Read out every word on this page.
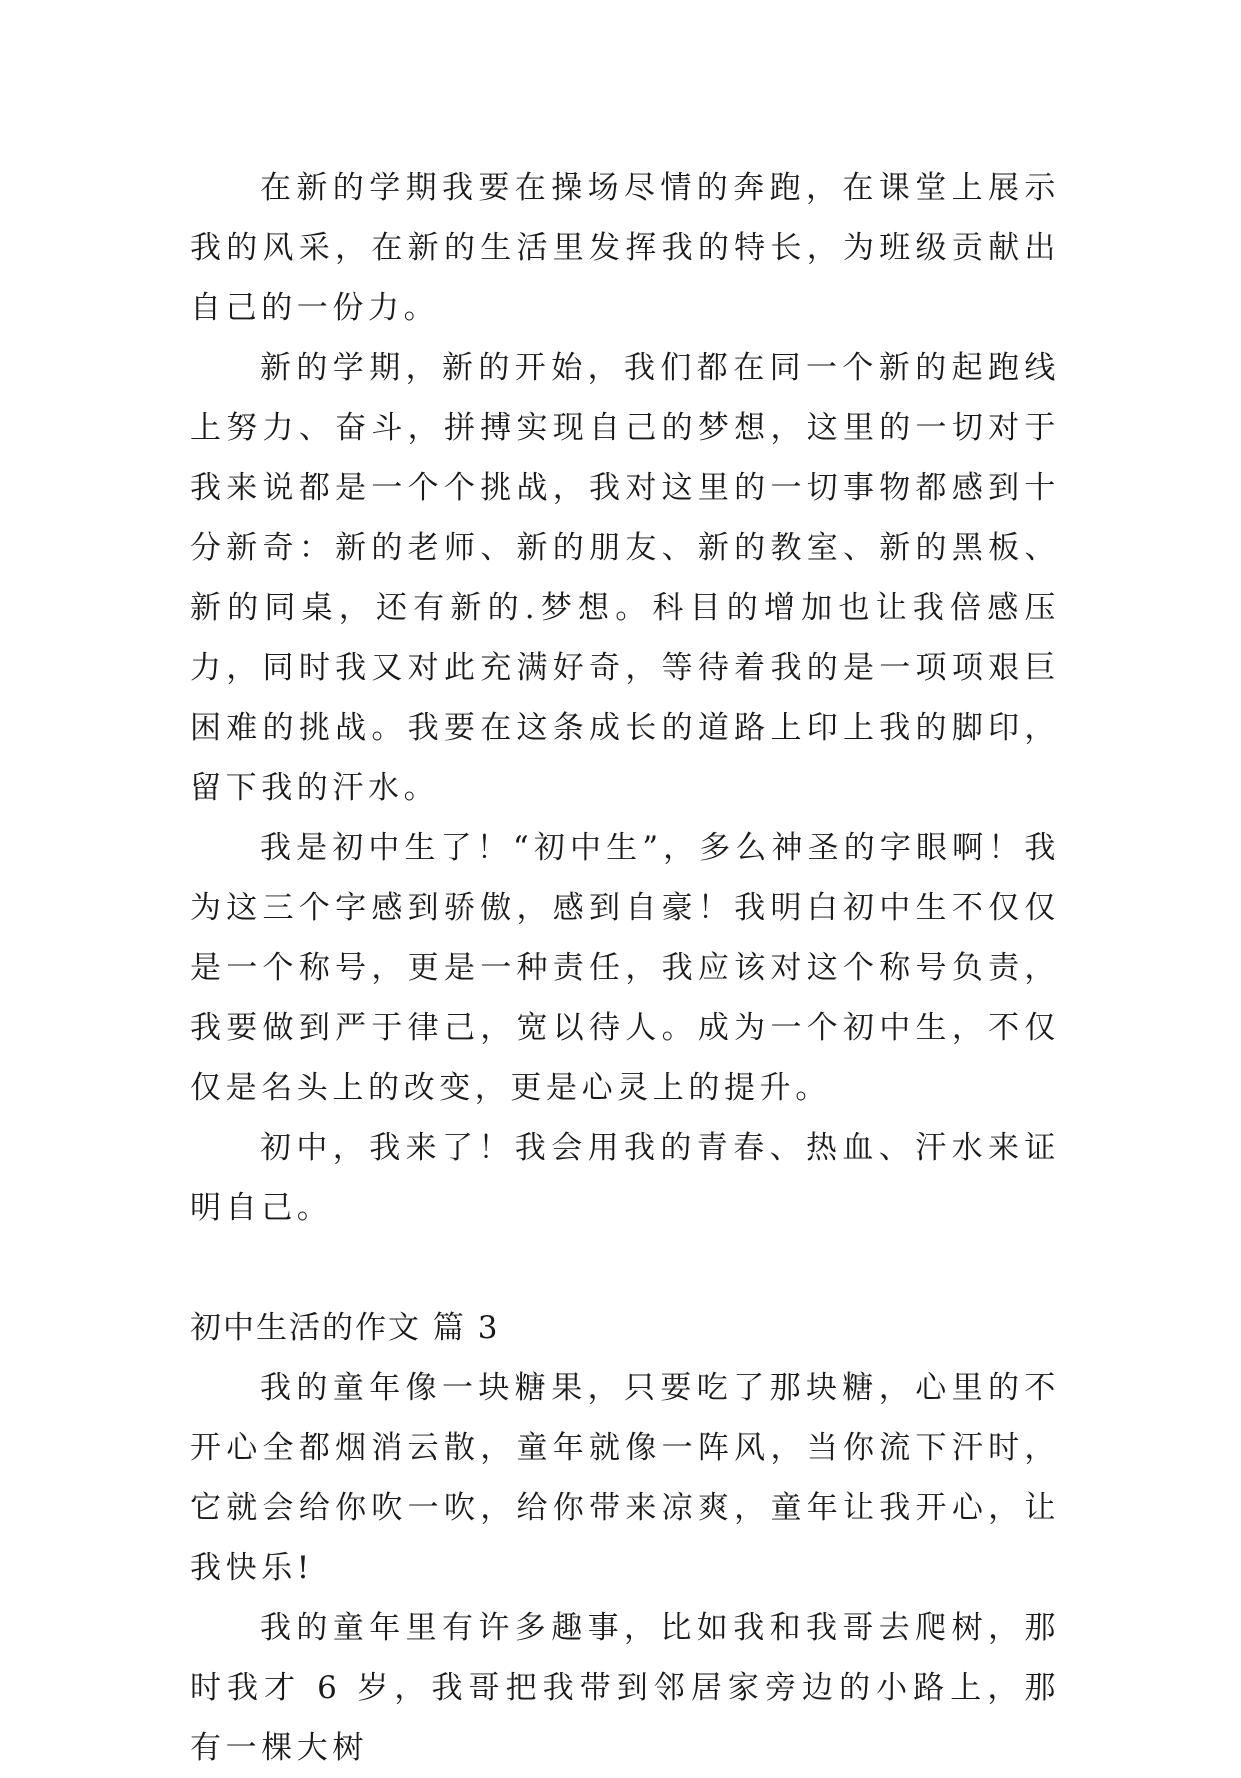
在新的学期我要在操场尽情的奔跑，在课堂上展示我的风采，在新的生活里发挥我的特长，为班级贡献出自己的一份力。

新的学期，新的开始，我们都在同一个新的起跑线上努力、奋斗，拼搏实现自己的梦想，这里的一切对于我来说都是一个个挑战，我对这里的一切事物都感到十分新奇：新的老师、新的朋友、新的教室、新的黑板、新的同桌，还有新的.梦想。科目的增加也让我倍感压力，同时我又对此充满好奇，等待着我的是一项项艰巨困难的挑战。我要在这条成长的道路上印上我的脚印，留下我的汗水。

我是初中生了！“初中生”，多么神圣的字眼啊！我为这三个字感到骄傲，感到自豪！我明白初中生不仅仅是一个称号，更是一种责任，我应该对这个称号负责，我要做到严于律己，宽以待人。成为一个初中生，不仅仅是名头上的改变，更是心灵上的提升。

初中，我来了！我会用我的青春、热血、汗水来证明自己。

初中生活的作文 篇 3

我的童年像一块糖果，只要吃了那块糖，心里的不开心全都烟消云散，童年就像一阵风，当你流下汗时，它就会给你吹一吹，给你带来凉爽，童年让我开心，让我快乐!

我的童年里有许多趣事，比如我和我哥去爬树，那时我才 6 岁，我哥把我带到邻居家旁边的小路上，那有一棵大树
